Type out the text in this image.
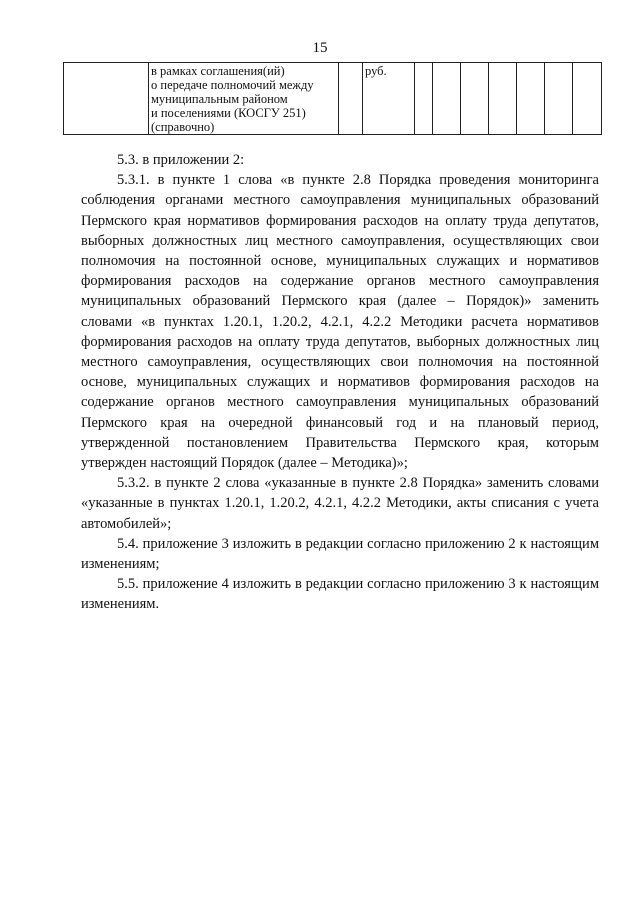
15

в рамках соглашения(ий)
о передаче полномочий между
муниципальным районом
и поселениями (КОСГУ 251)
(справочно)
		руб.							

5.3. в приложении 2:

5.3.1. в пункте 1 слова «в пункте 2.8 Порядка проведения мониторинга соблюдения органами местного самоуправления муниципальных образований Пермского края нормативов формирования расходов на оплату труда депутатов, выборных должностных лиц местного самоуправления, осуществляющих свои полномочия на постоянной основе, муниципальных служащих и нормативов формирования расходов на содержание органов местного самоуправления муниципальных образований Пермского края (далее – Порядок)» заменить словами «в пунктах 1.20.1, 1.20.2, 4.2.1, 4.2.2 Методики расчета нормативов формирования расходов на оплату труда депутатов, выборных должностных лиц местного самоуправления, осуществляющих свои полномочия на постоянной основе, муниципальных служащих и нормативов формирования расходов на содержание органов местного самоуправления муниципальных образований Пермского края на очередной финансовый год и на плановый период, утвержденной постановлением Правительства Пермского края, которым утвержден настоящий Порядок (далее – Методика)»;

5.3.2. в пункте 2 слова «указанные в пункте 2.8 Порядка» заменить словами «указанные в пунктах 1.20.1, 1.20.2, 4.2.1, 4.2.2 Методики, акты списания с учета автомобилей»;

5.4. приложение 3 изложить в редакции согласно приложению 2 к настоящим изменениям;

5.5. приложение 4 изложить в редакции согласно приложению 3 к настоящим изменениям.
